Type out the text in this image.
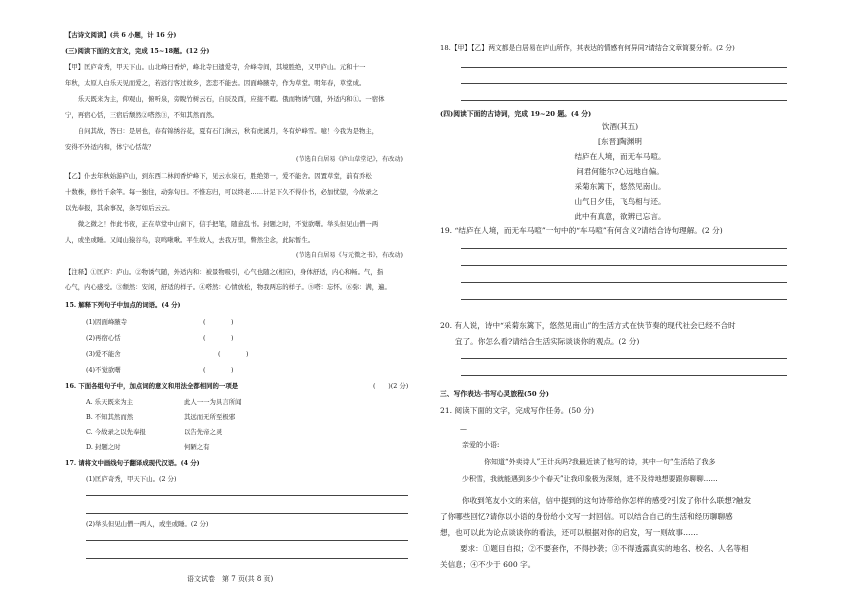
【古诗文阅读】(共 6 小题，计 16 分)
(三)阅读下面的文言文，完成 15~18题。(12 分)
【甲】匡庐奇秀，甲天下山。山北峰曰香炉，峰北寺曰遗爱寺，介峰寺间，其境胜绝，又甲庐山。元和十一
年秋，太原人白乐天见而爱之，若远行客过故乡，恋恋不能去。因面峰腋寺，作为草堂。明年春，草堂成。
　　乐天既来为主，仰观山，俯听泉，旁睨竹树云石，自辰及酉，应接不暇。俄而物诱气随，外适内和①。一宿体
宁，再宿心恬，三宿后颓然②嗒然③，不知其然而然。
　　自问其故，答曰：是居也，春有锦绣谷花，夏有石门涧云，秋有虎溪月，冬有炉峰雪。噫！今我为是物主，
安得不外适内和，体宁心恬哉？
(节选自白居易《庐山草堂记》，有改动)
【乙】仆去年秋始游庐山，到东西二林间香炉峰下，见云水泉石，胜绝第一，爱不能舍。因置草堂，前有乔松
十数株，修竹千余竿。每一独往，动弥旬日。不惟忘归，可以终老……计足下久不得仆书，必加忧望，今故录之
以先奉报，其余事况，条写如后云云。
　　微之微之！作此书夜，正在草堂中山窗下，信手把笔，随意乱书。封题之时，不觉欲曙。举头但见山僧一两
人，或坐或睡。又闻山猿谷鸟，哀鸣啾啾。平生故人，去我万里，瞥然尘念，此际暂生。
(节选自白居易《与元微之书》，有改动)
【注释】①匡庐：庐山。②物诱气随，外适内和：被景物吸引，心气也随之(相应)，身体舒适，内心和畅。气，指
心气，内心感受。③颓然：安闲，舒适的样子。④嗒然：心情放松，物我两忘的样子。⑤嗒：忘怀。⑥弥：满，遍。
15. 解释下列句子中加点的词语。(4 分)
(1)因面峰腋寺	(　　　　)
(2)再宿心恬	(　　　　)
(3)爱不能舍	(　　　　)
(4)不觉欲曙	(　　　　)
16. 下面各组句子中，加点词的意义和用法全都相同的一项是	(　　)(2 分)
A. 乐天既来为主	此人一一为具言所闻
B. 不知其然而然	其远而无所至极邪
C. 今故录之以先奉报	以告先帝之灵
D. 封题之时	何陋之有
17. 请将文中画线句子翻译成现代汉语。(4 分)
(1)匡庐奇秀，甲天下山。(2 分)
(2)举头但见山僧一两人，或坐或睡。(2 分)
语文试卷　第 7 页(共 8 页)
18.【甲】【乙】两文都是白居易在庐山所作，其表达的情感有何异同?请结合文章简要分析。(2 分)
(四)阅读下面的古诗词，完成 19~20 题。(4 分)
饮酒(其五)
[东晋]陶渊明
结庐在人境，而无车马喧。
问君何能尔?心远地自偏。
采菊东篱下，悠然见南山。
山气日夕佳，飞鸟相与还。
此中有真意，欲辨已忘言。
19. “结庐在人境，而无车马喧”一句中的“车马喧”有何含义?请结合诗句理解。(2 分)
20. 有人说，诗中“采菊东篱下，悠然见南山”的生活方式在快节奏的现代社会已经不合时
宜了。你怎么看?请结合生活实际谈谈你的观点。(2 分)
三、写作表达·书写心灵旅程(50 分)
21. 阅读下面的文字，完成写作任务。(50 分)
—
亲爱的小语:
你知道“外卖诗人”王计兵吗?我最近读了他写的诗，其中一句“生活给了我多
少积雪，我就能遇到多少个春天”让我印象极为深刻，进不及待地想要跟你聊聊……
你收到笔友小文的来信，信中提到的这句诗带给你怎样的感受?引发了你什么联想?触发
了你哪些回忆?请你以小语的身份给小文写一封回信。可以结合自己的生活和经历聊聊感
想，也可以此为论点谈谈你的看法，还可以根据对你的启发，写一则故事……
要求：①题目自拟；②不要套作，不得抄袭；③不得透露真实的地名、校名、人名等相
关信息；④不少于 600 字。
